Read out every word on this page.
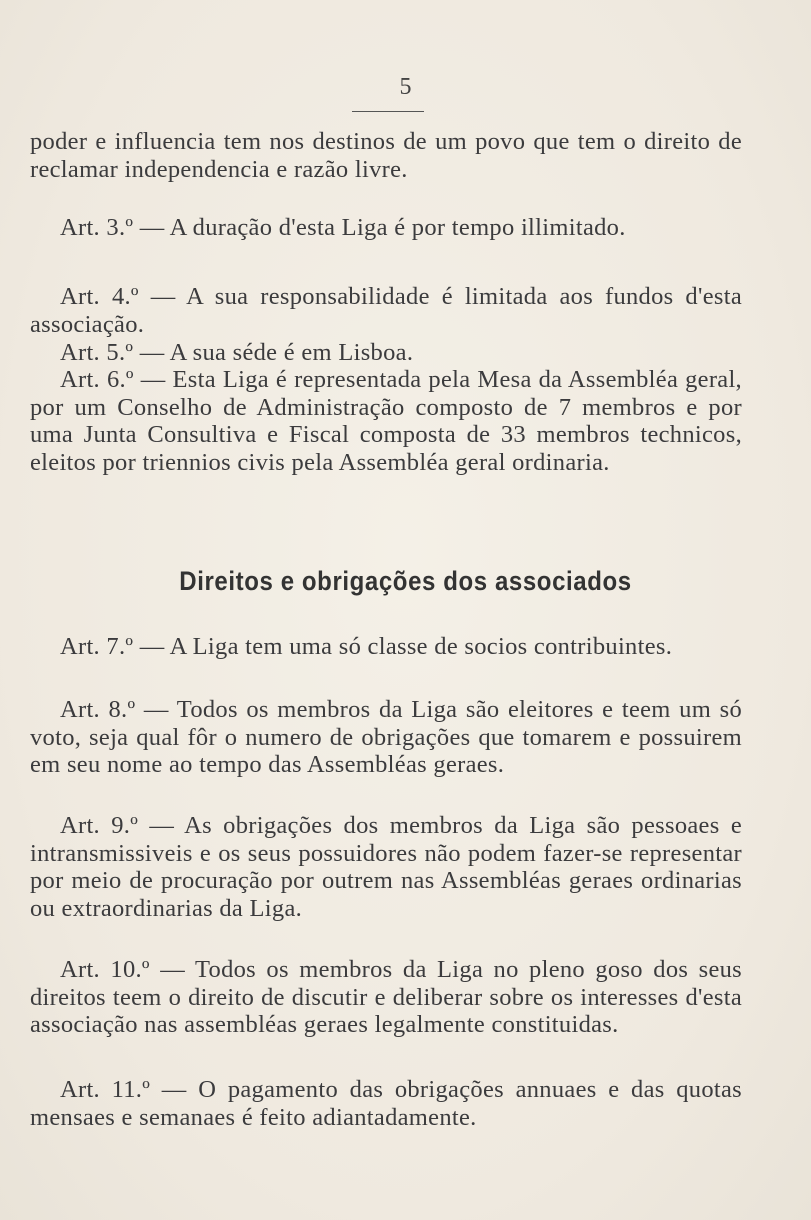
5

poder e influencia tem nos destinos de um povo que tem o direito de reclamar independencia e razão livre.

Art. 3.º — A duração d'esta Liga é por tempo illimitado.

Art. 4.º — A sua responsabilidade é limitada aos fundos d'esta associação.

Art. 5.º — A sua séde é em Lisboa.

Art. 6.º — Esta Liga é representada pela Mesa da Assembléa geral, por um Conselho de Administração composto de 7 membros e por uma Junta Consultiva e Fiscal composta de 33 membros technicos, eleitos por triennios civis pela Assembléa geral ordinaria.

Direitos e obrigações dos associados

Art. 7.º — A Liga tem uma só classe de socios contribuintes.

Art. 8.º — Todos os membros da Liga são eleitores e teem um só voto, seja qual fôr o numero de obrigações que tomarem e possuirem em seu nome ao tempo das Assembléas geraes.

Art. 9.º — As obrigações dos membros da Liga são pessoaes e intransmissiveis e os seus possuidores não podem fazer-se representar por meio de procuração por outrem nas Assembléas geraes ordinarias ou extraordinarias da Liga.

Art. 10.º — Todos os membros da Liga no pleno goso dos seus direitos teem o direito de discutir e deliberar sobre os interesses d'esta associação nas assembléas geraes legalmente constituidas.

Art. 11.º — O pagamento das obrigações annuaes e das quotas mensaes e semanaes é feito adiantadamente.
